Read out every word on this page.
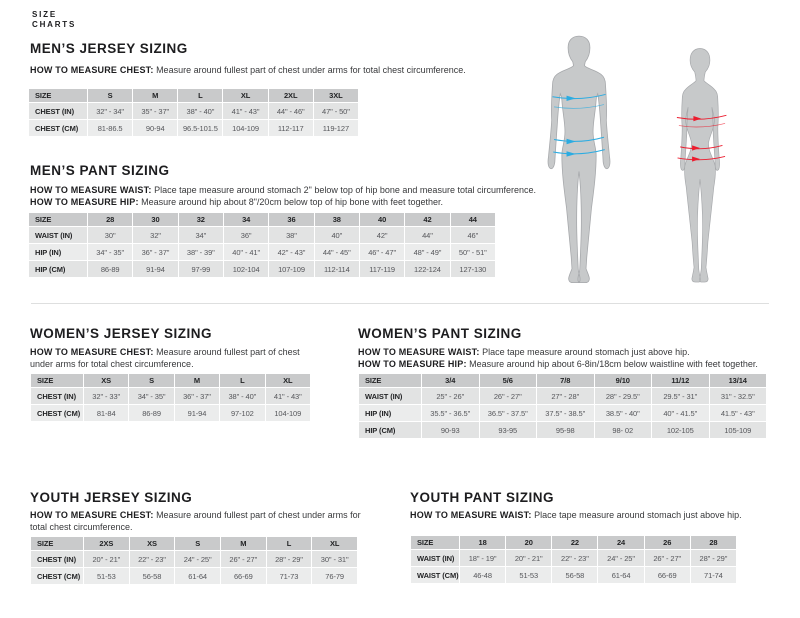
SIZE
CHARTS
MEN’S JERSEY SIZING

HOW TO MEASURE CHEST: Measure around fullest part of chest under arms for total chest circumference.

SIZE	S	M	L	XL	2XL	3XL
CHEST (IN)	32" - 34"	35" - 37"	38" - 40"	41" - 43"	44" - 46"	47" - 50"
CHEST (CM)	81-86.5	90-94	96.5-101.5	104-109	112-117	119-127
MEN’S PANT SIZING

HOW TO MEASURE WAIST: Place tape measure around stomach 2" below top of hip bone and measure total circumference.

HOW TO MEASURE HIP: Measure around hip about 8"/20cm below top of hip bone with feet together.

SIZE	28	30	32	34	36	38	40	42	44
WAIST (IN)	30"	32"	34"	36"	38"	40"	42"	44"	46"
HIP (IN)	34" - 35"	36" - 37"	38" - 39"	40" - 41"	42" - 43"	44" - 45"	46" - 47"	48" - 49"	50" - 51"
HIP (CM)	86-89	91-94	97-99	102-104	107-109	112-114	117-119	122-124	127-130
WOMEN’S JERSEY SIZING

HOW TO MEASURE CHEST: Measure around fullest part of chest under arms for total chest circumference.

SIZE	XS	S	M	L	XL
CHEST (IN)	32" - 33"	34" - 35"	36" - 37"	38" - 40"	41" - 43"
CHEST (CM)	81-84	86-89	91-94	97-102	104-109
WOMEN’S PANT SIZING

HOW TO MEASURE WAIST: Place tape measure around stomach just above hip.

HOW TO MEASURE HIP: Measure around hip about 6-8in/18cm below waistline with feet together.

SIZE	3/4	5/6	7/8	9/10	11/12	13/14
WAIST (IN)	25" - 26"	26" - 27"	27" - 28"	28" - 29.5"	29.5" - 31"	31" - 32.5"
HIP (IN)	35.5" - 36.5"	36.5" - 37.5"	37.5" - 38.5"	38.5" - 40"	40" - 41.5"	41.5" - 43"
HIP (CM)	90-93	93-95	95-98	98- 02	102-105	105-109
YOUTH JERSEY SIZING

HOW TO MEASURE CHEST: Measure around fullest part of chest under arms for total chest circumference.

SIZE	2XS	XS	S	M	L	XL
CHEST (IN)	20" - 21"	22" - 23"	24" - 25"	26" - 27"	28" - 29"	30" - 31"
CHEST (CM)	51-53	56-58	61-64	66-69	71-73	76-79
YOUTH PANT SIZING

HOW TO MEASURE WAIST: Place tape measure around stomach just above hip.

SIZE	18	20	22	24	26	28
WAIST (IN)	18" - 19"	20" - 21"	22" - 23"	24" - 25"	26" - 27"	28" - 29"
WAIST (CM)	46-48	51-53	56-58	61-64	66-69	71-74
